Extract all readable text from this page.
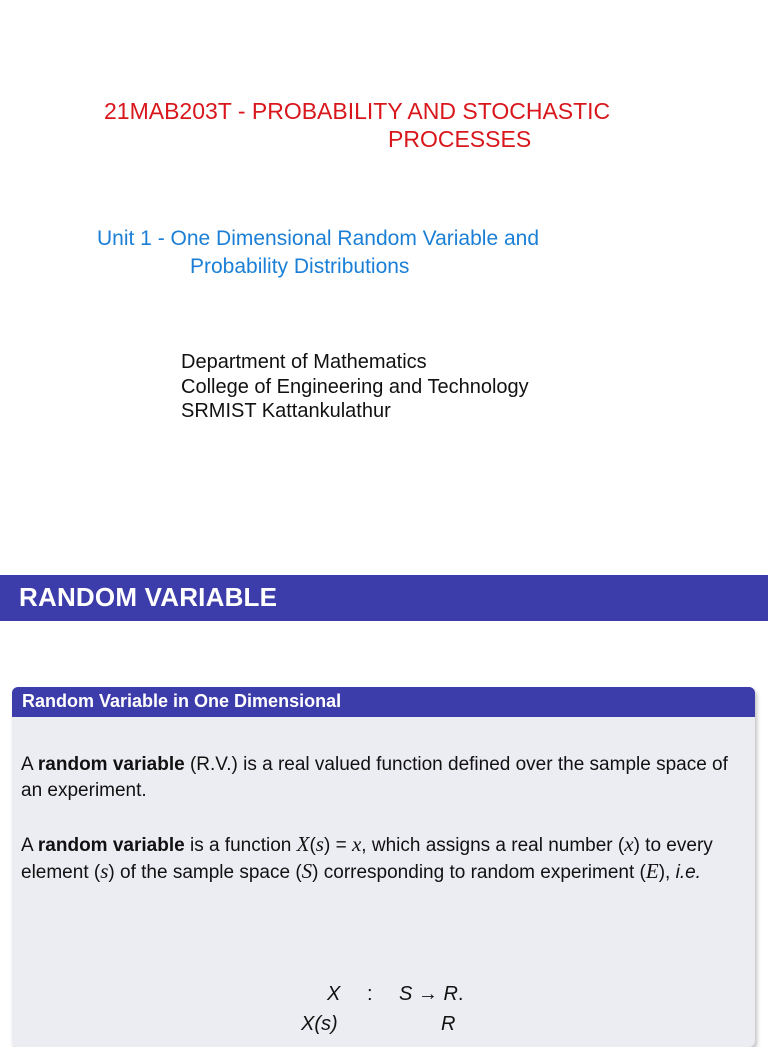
21MAB203T - PROBABILITY AND STOCHASTIC
PROCESSES
Unit 1 - One Dimensional Random Variable and
Probability Distributions
Department of Mathematics
College of Engineering and Technology
SRMIST Kattankulathur
RANDOM VARIABLE
Random Variable in One Dimensional
A random variable (R.V.) is a real valued function defined over the sample space of an experiment.
A random variable is a function X(s) = x, which assigns a real number (x) to every element (s) of the sample space (S) corresponding to random experiment (E), i.e.
X : S → R.
X(s)	R
